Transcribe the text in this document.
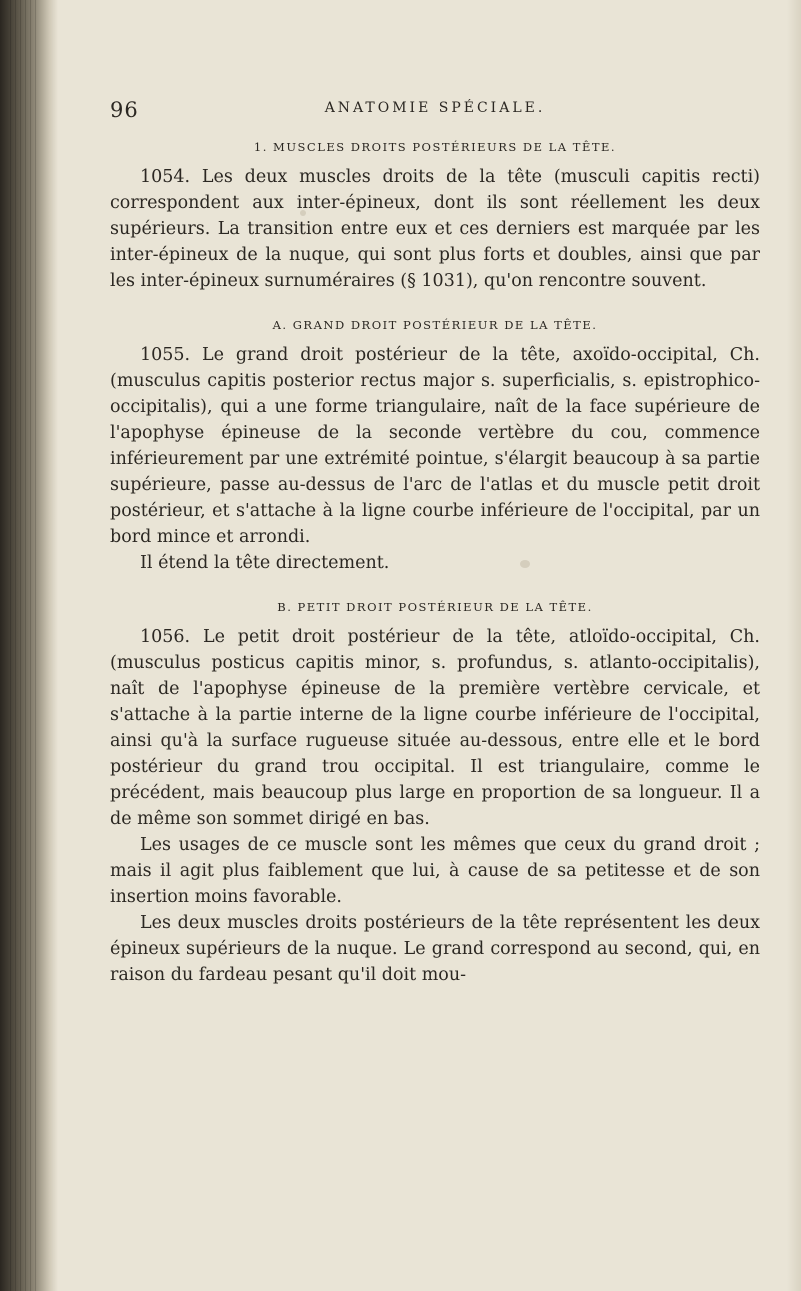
96	ANATOMIE SPÉCIALE.
1. MUSCLES DROITS POSTÉRIEURS DE LA TÊTE.

1054. Les deux muscles droits de la tête (musculi capitis recti) correspondent aux inter-épineux, dont ils sont réellement les deux supérieurs. La transition entre eux et ces derniers est marquée par les inter-épineux de la nuque, qui sont plus forts et doubles, ainsi que par les inter-épineux surnuméraires (§ 1031), qu'on rencontre souvent.

A. GRAND DROIT POSTÉRIEUR DE LA TÊTE.

1055. Le grand droit postérieur de la tête, axoïdo-occipital, Ch. (musculus capitis posterior rectus major s. superficialis, s. epistrophico-occipitalis), qui a une forme triangulaire, naît de la face supérieure de l'apophyse épineuse de la seconde vertèbre du cou, commence inférieurement par une extrémité pointue, s'élargit beaucoup à sa partie supérieure, passe au-dessus de l'arc de l'atlas et du muscle petit droit postérieur, et s'attache à la ligne courbe inférieure de l'occipital, par un bord mince et arrondi.

Il étend la tête directement.

B. PETIT DROIT POSTÉRIEUR DE LA TÊTE.

1056. Le petit droit postérieur de la tête, atloïdo-occipital, Ch. (musculus posticus capitis minor, s. profundus, s. atlanto-occipitalis), naît de l'apophyse épineuse de la première vertèbre cervicale, et s'attache à la partie interne de la ligne courbe inférieure de l'occipital, ainsi qu'à la surface rugueuse située au-dessous, entre elle et le bord postérieur du grand trou occipital. Il est triangulaire, comme le précédent, mais beaucoup plus large en proportion de sa longueur. Il a de même son sommet dirigé en bas.

Les usages de ce muscle sont les mêmes que ceux du grand droit ; mais il agit plus faiblement que lui, à cause de sa petitesse et de son insertion moins favorable.

Les deux muscles droits postérieurs de la tête représentent les deux épineux supérieurs de la nuque. Le grand correspond au second, qui, en raison du fardeau pesant qu'il doit mou-
